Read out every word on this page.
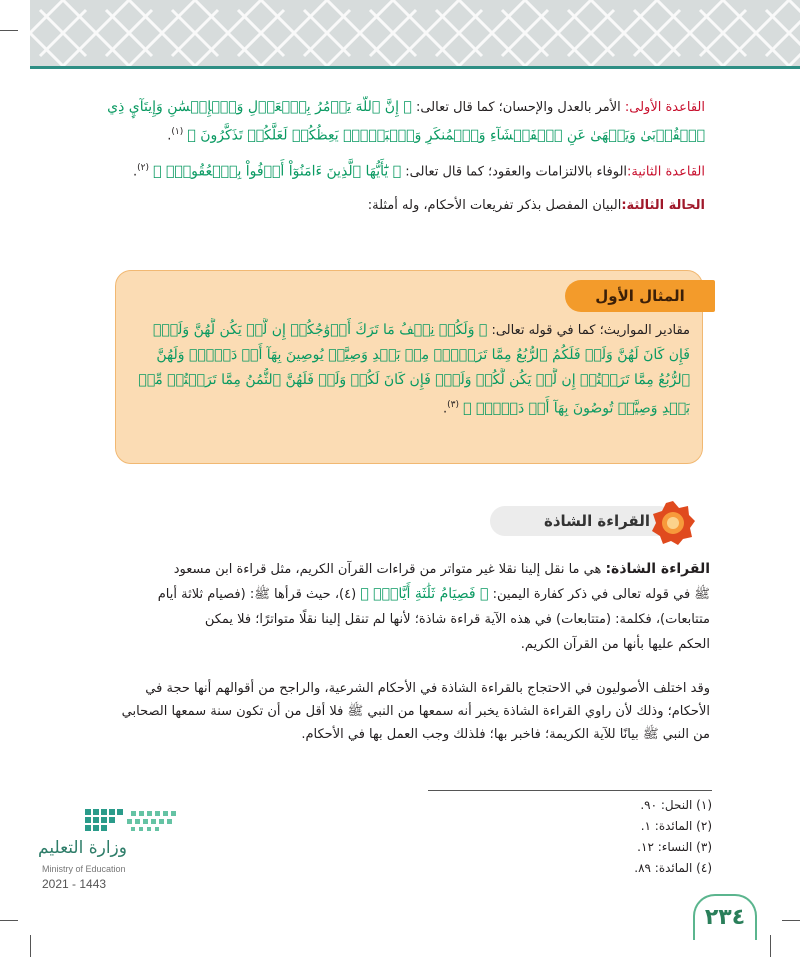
القاعدة الأولى: الأمر بالعدل والإحسان؛ كما قال تعالى: ﴿ إِنَّ ٱللَّهَ يَأۡمُرُ بِٱلۡعَدۡلِ وَٱلۡإِحۡسَٰنِ وَإِيتَآيِٕ ذِي

ٱلۡقُرۡبَىٰ وَيَنۡهَىٰ عَنِ ٱلۡفَحۡشَآءِ وَٱلۡمُنكَرِ وَٱلۡبَغۡيِۚ يَعِظُكُمۡ لَعَلَّكُمۡ تَذَكَّرُونَ ﴾ $^{(١)}$.

القاعدة الثانية:الوفاء بالالتزامات والعقود؛ كما قال تعالى: ﴿ يَٰٓأَيُّهَا ٱلَّذِينَ ءَامَنُوٓاْ أَوۡفُواْ بِٱلۡعُقُودِۚ ﴾ $^{(٢)}$.

الحالة الثالثة:البيان المفصل بذكر تفريعات الأحكام، وله أمثلة:

المثال الأول

مقادير المواريث؛ كما في قوله تعالى: ﴿ وَلَكُمۡ نِصۡفُ مَا تَرَكَ أَزۡوَٰجُكُمۡ إِن لَّمۡ يَكُن لَّهُنَّ وَلَدٞۚ

فَإِن كَانَ لَهُنَّ وَلَدٞ فَلَكُمُ ٱلرُّبُعُ مِمَّا تَرَكۡنَۚ مِنۢ بَعۡدِ وَصِيَّةٖ يُوصِينَ بِهَآ أَوۡ دَيۡنٖۚ وَلَهُنَّ

ٱلرُّبُعُ مِمَّا تَرَكۡتُمۡ إِن لَّمۡ يَكُن لَّكُمۡ وَلَدٞۚ فَإِن كَانَ لَكُمۡ وَلَدٞ فَلَهُنَّ ٱلثُّمُنُ مِمَّا تَرَكۡتُمۚ مِّنۢ

بَعۡدِ وَصِيَّةٖ تُوصُونَ بِهَآ أَوۡ دَيۡنٖۗ ﴾ $^{(٣)}$.

القراءة الشاذة

القراءة الشاذة: هي ما نقل إلينا نقلا غير متواتر من قراءات القرآن الكريم، مثل قراءة ابن مسعود

ﷺ في قوله تعالى في ذكر كفارة اليمين: ﴿ فَصِيَامُ ثَلَٰثَةِ أَيَّامٍۚ ﴾ (٤)، حيث قرأها ﷺ: (فصيام ثلاثة أيام

متتابعات)، فكلمة: (متتابعات) في هذه الآية قراءة شاذة؛ لأنها لم تنقل إلينا نقلًا متواترًا؛ فلا يمكن

الحكم عليها بأنها من القرآن الكريم.

وقد اختلف الأصوليون في الاحتجاج بالقراءة الشاذة في الأحكام الشرعية، والراجح من أقوالهم أنها حجة في

الأحكام؛ وذلك لأن راوي القراءة الشاذة يخبر أنه سمعها من النبي ﷺ فلا أقل من أن تكون سنة سمعها الصحابي

من النبي ﷺ بيانًا للآية الكريمة؛ فاخبر بها؛ فلذلك وجب العمل بها في الأحكام.

(١) النحل: ٩٠.

(٢) المائدة: ١.

(٣) النساء: ١٢.

(٤) المائدة: ٨٩.

وزارة التعليم
Ministry of Education
2021 - 1443
٢٣٤
